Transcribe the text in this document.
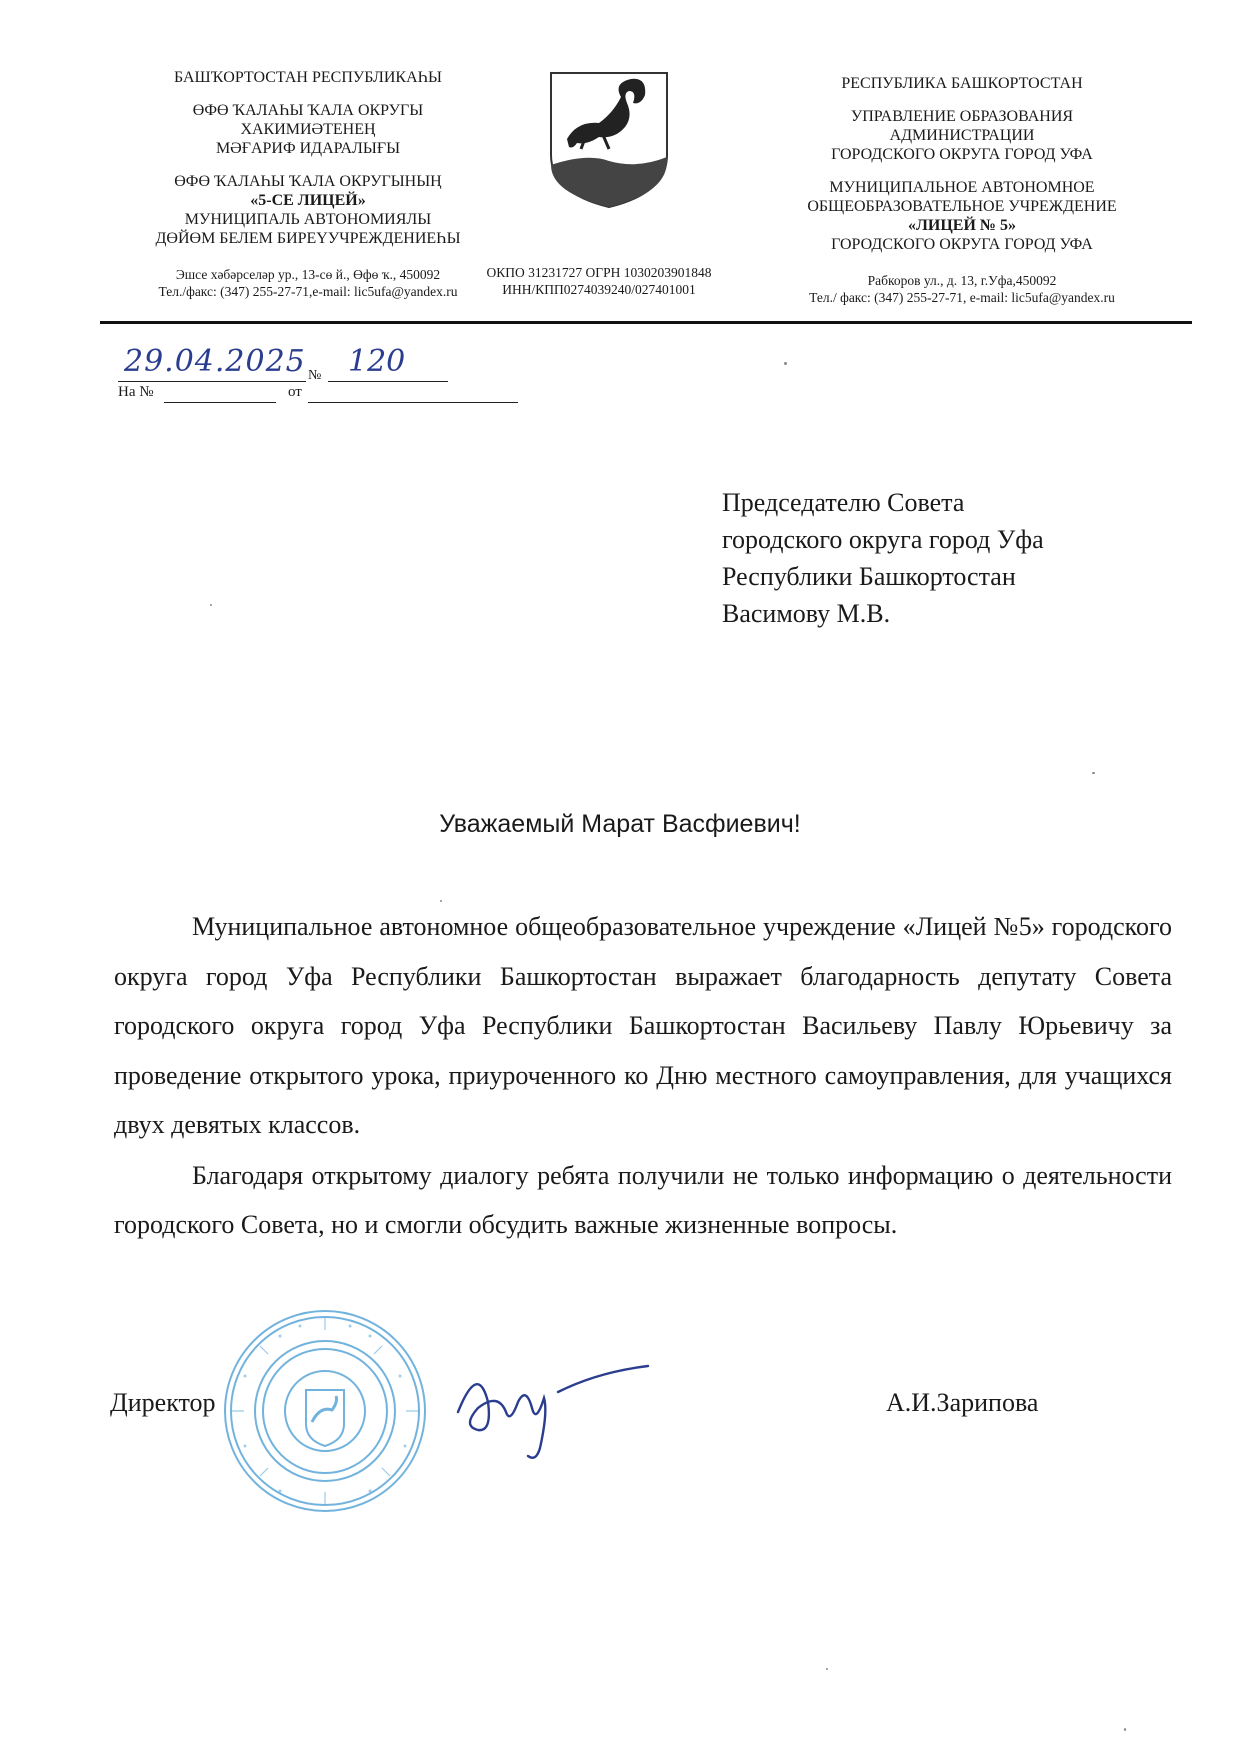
БАШҠОРТОСТАН РЕСПУБЛИКАҺЫ
ӨФӨ ҠАЛАҺЫ ҠАЛА ОКРУГЫ
ХАКИМИӘТЕНЕҢ
МӘҒАРИФ ИДАРАЛЫҒЫ
ӨФӨ ҠАЛАҺЫ ҠАЛА ОКРУГЫНЫҢ
«5-СЕ ЛИЦЕЙ»
МУНИЦИПАЛЬ АВТОНОМИЯЛЫ
ДӨЙӨМ БЕЛЕМ БИРЕҮУЧРЕЖДЕНИЕҺЫ
Эшсе хәбәрселәр ур., 13-сө й., Өфө ҡ., 450092
Тел./факс: (347) 255-27-71,e-mail: lic5ufa@yandex.ru
ОКПО 31231727 ОГРН 1030203901848
ИНН/КПП0274039240/027401001
РЕСПУБЛИКА БАШКОРТОСТАН
УПРАВЛЕНИЕ ОБРАЗОВАНИЯ
АДМИНИСТРАЦИИ
ГОРОДСКОГО ОКРУГА ГОРОД УФА
МУНИЦИПАЛЬНОЕ АВТОНОМНОЕ
ОБЩЕОБРАЗОВАТЕЛЬНОЕ УЧРЕЖДЕНИЕ
«ЛИЦЕЙ № 5»
ГОРОДСКОГО ОКРУГА ГОРОД УФА
Рабкоров ул., д. 13, г.Уфа,450092
Тел./ факс: (347) 255-27-71, e-mail: lic5ufa@yandex.ru
29.04.2025 № 120
На №	от
Председателю Совета
городского округа город Уфа
Республики Башкортостан
Васимову М.В.
Уважаемый Марат Васфиевич!

Муниципальное автономное общеобразовательное учреждение «Лицей №5» городского округа город Уфа Республики Башкортостан выражает благодарность депутату Совета городского округа город Уфа Республики Башкортостан Васильеву Павлу Юрьевичу за проведение открытого урока, приуроченного ко Дню местного самоуправления, для учащихся двух девятых классов.

Благодаря открытому диалогу ребята получили не только информацию о деятельности городского Совета, но и смогли обсудить важные жизненные вопросы.

Директор	А.И.Зарипова
